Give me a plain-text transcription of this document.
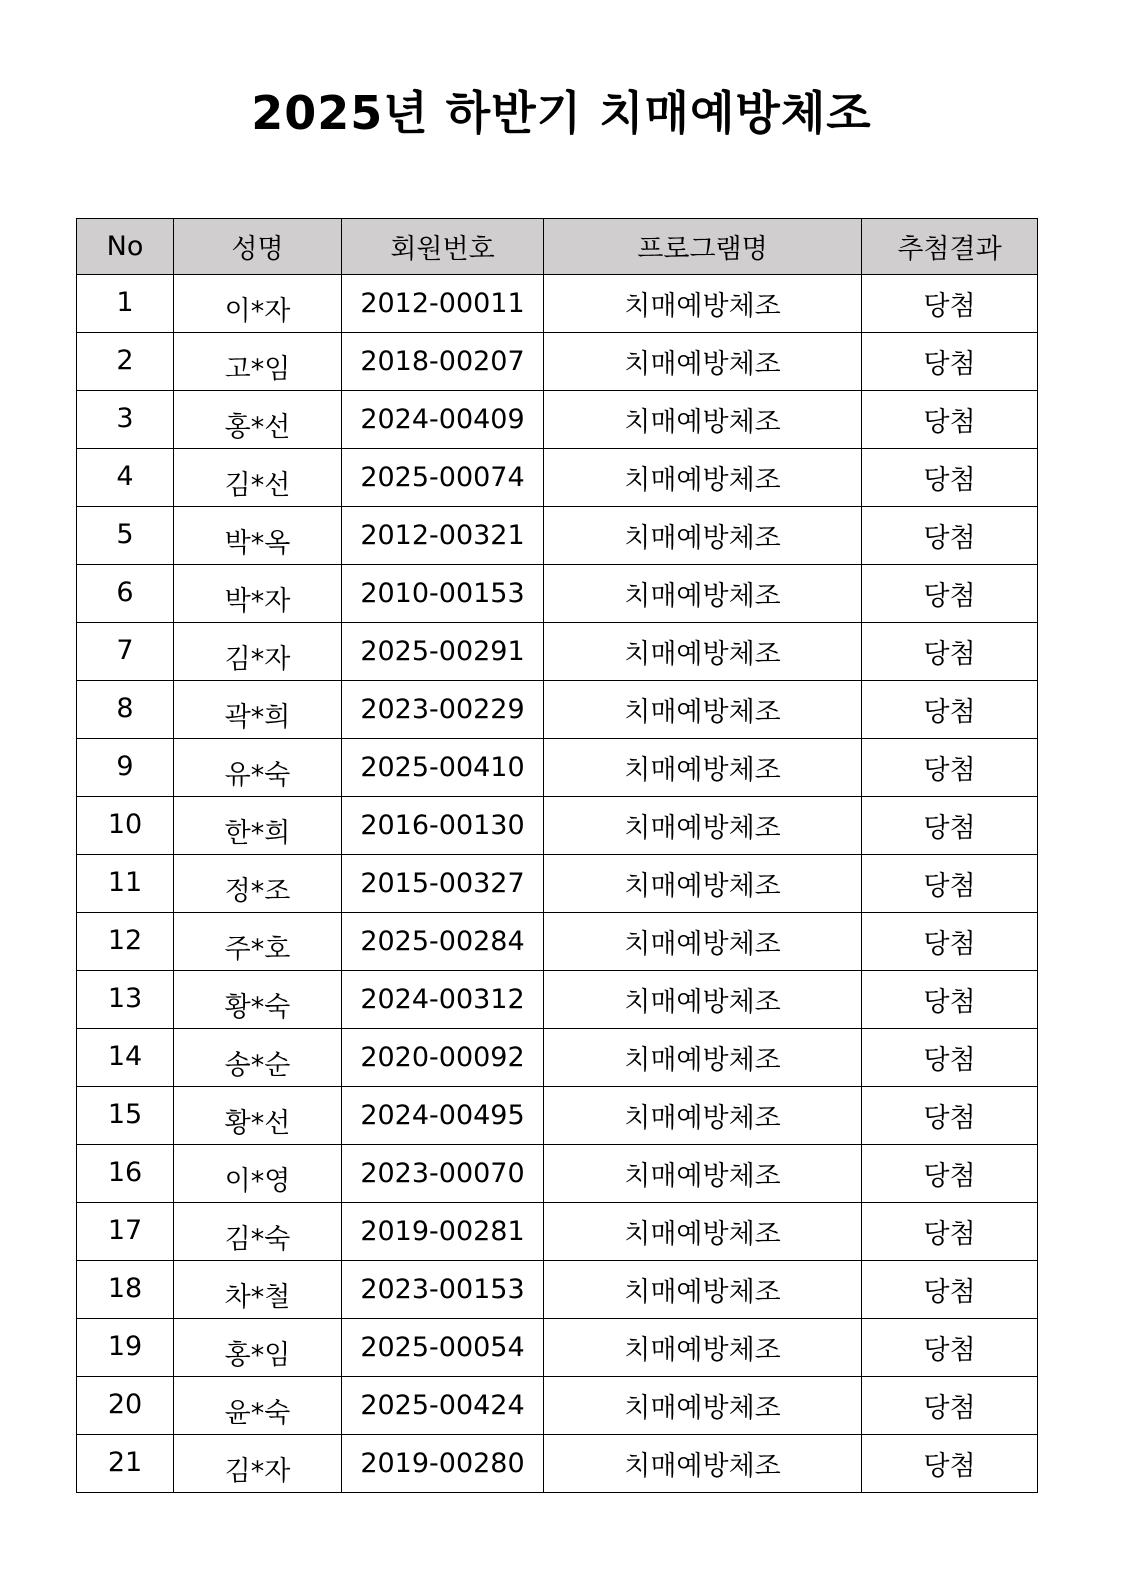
2025년 하반기 치매예방체조
No	성명	회원번호	프로그램명	추첨결과
1	이*자	2012-00011	치매예방체조	당첨
2	고*임	2018-00207	치매예방체조	당첨
3	홍*선	2024-00409	치매예방체조	당첨
4	김*선	2025-00074	치매예방체조	당첨
5	박*옥	2012-00321	치매예방체조	당첨
6	박*자	2010-00153	치매예방체조	당첨
7	김*자	2025-00291	치매예방체조	당첨
8	곽*희	2023-00229	치매예방체조	당첨
9	유*숙	2025-00410	치매예방체조	당첨
10	한*희	2016-00130	치매예방체조	당첨
11	정*조	2015-00327	치매예방체조	당첨
12	주*호	2025-00284	치매예방체조	당첨
13	황*숙	2024-00312	치매예방체조	당첨
14	송*순	2020-00092	치매예방체조	당첨
15	황*선	2024-00495	치매예방체조	당첨
16	이*영	2023-00070	치매예방체조	당첨
17	김*숙	2019-00281	치매예방체조	당첨
18	차*철	2023-00153	치매예방체조	당첨
19	홍*임	2025-00054	치매예방체조	당첨
20	윤*숙	2025-00424	치매예방체조	당첨
21	김*자	2019-00280	치매예방체조	당첨
